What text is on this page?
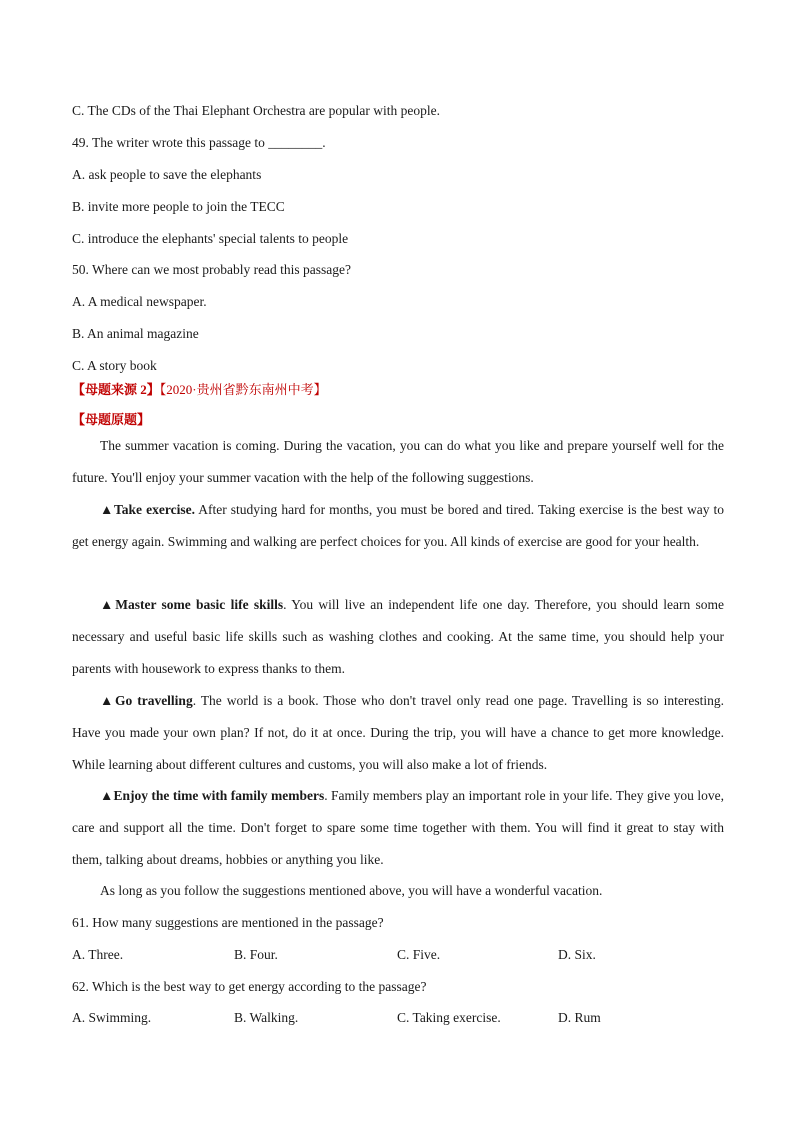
C. The CDs of the Thai Elephant Orchestra are popular with people.
49. The writer wrote this passage to ________.
A. ask people to save the elephants
B. invite more people to join the TECC
C. introduce the elephants' special talents to people
50. Where can we most probably read this passage?
A. A medical newspaper.
B. An animal magazine
C. A story book
【母题来源 2】【2020·贵州省黔东南州中考】
【母题原题】
The summer vacation is coming. During the vacation, you can do what you like and prepare yourself well for the future. You'll enjoy your summer vacation with the help of the following suggestions.
▲Take exercise. After studying hard for months, you must be bored and tired. Taking exercise is the best way to get energy again. Swimming and walking are perfect choices for you. All kinds of exercise are good for your health.
▲Master some basic life skills. You will live an independent life one day. Therefore, you should learn some necessary and useful basic life skills such as washing clothes and cooking. At the same time, you should help your parents with housework to express thanks to them.
▲Go travelling. The world is a book. Those who don't travel only read one page. Travelling is so interesting. Have you made your own plan? If not, do it at once. During the trip, you will have a chance to get more knowledge. While learning about different cultures and customs, you will also make a lot of friends.
▲Enjoy the time with family members. Family members play an important role in your life. They give you love, care and support all the time. Don't forget to spare some time together with them. You will find it great to stay with them, talking about dreams, hobbies or anything you like.
As long as you follow the suggestions mentioned above, you will have a wonderful vacation.
61. How many suggestions are mentioned in the passage?
A. Three.	B. Four.	C. Five.	D. Six.
62. Which is the best way to get energy according to the passage?
A. Swimming.	B. Walking.	C. Taking exercise.	D. Rum
